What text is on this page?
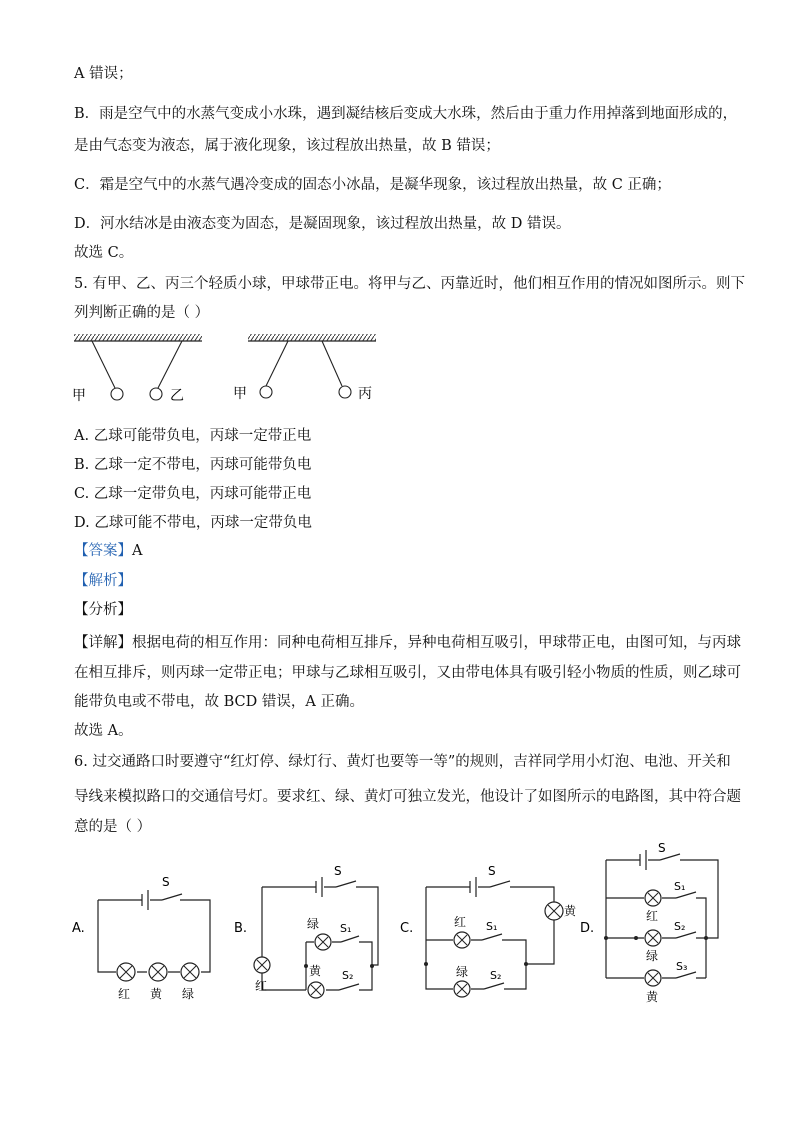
A 错误；
B．雨是空气中的水蒸气变成小水珠，遇到凝结核后变成大水珠，然后由于重力作用掉落到地面形成的，
是由气态变为液态，属于液化现象，该过程放出热量，故 B 错误；
C．霜是空气中的水蒸气遇冷变成的固态小冰晶，是凝华现象，该过程放出热量，故 C 正确；
D．河水结冰是由液态变为固态，是凝固现象，该过程放出热量，故 D 错误。
故选 C。
5. 有甲、乙、丙三个轻质小球，甲球带正电。将甲与乙、丙靠近时，他们相互作用的情况如图所示。则下
列判断正确的是（ ）
甲	乙	甲	丙
A. 乙球可能带负电，丙球一定带正电
B. 乙球一定不带电，丙球可能带负电
C. 乙球一定带负电，丙球可能带正电
D. 乙球可能不带电，丙球一定带负电
【答案】A
【解析】
【分析】
【详解】根据电荷的相互作用：同种电荷相互排斥，异种电荷相互吸引，甲球带正电，由图可知，与丙球
在相互排斥，则丙球一定带正电；甲球与乙球相互吸引，又由带电体具有吸引轻小物质的性质，则乙球可
能带负电或不带电，故 BCD 错误，A 正确。
故选 A。
6. 过交通路口时要遵守“红灯停、绿灯行、黄灯也要等一等”的规则，吉祥同学用小灯泡、电池、开关和
导线来模拟路口的交通信号灯。要求红、绿、黄灯可独立发光，他设计了如图所示的电路图，其中符合题
意的是（ ）
A.
S
红 黄 绿
B.
S
绿 S₁
黄 S₂
红
C.
S
黄
红 S₁
绿 S₂
D.
S
S₁
红
S₂
绿
S₃
黄
